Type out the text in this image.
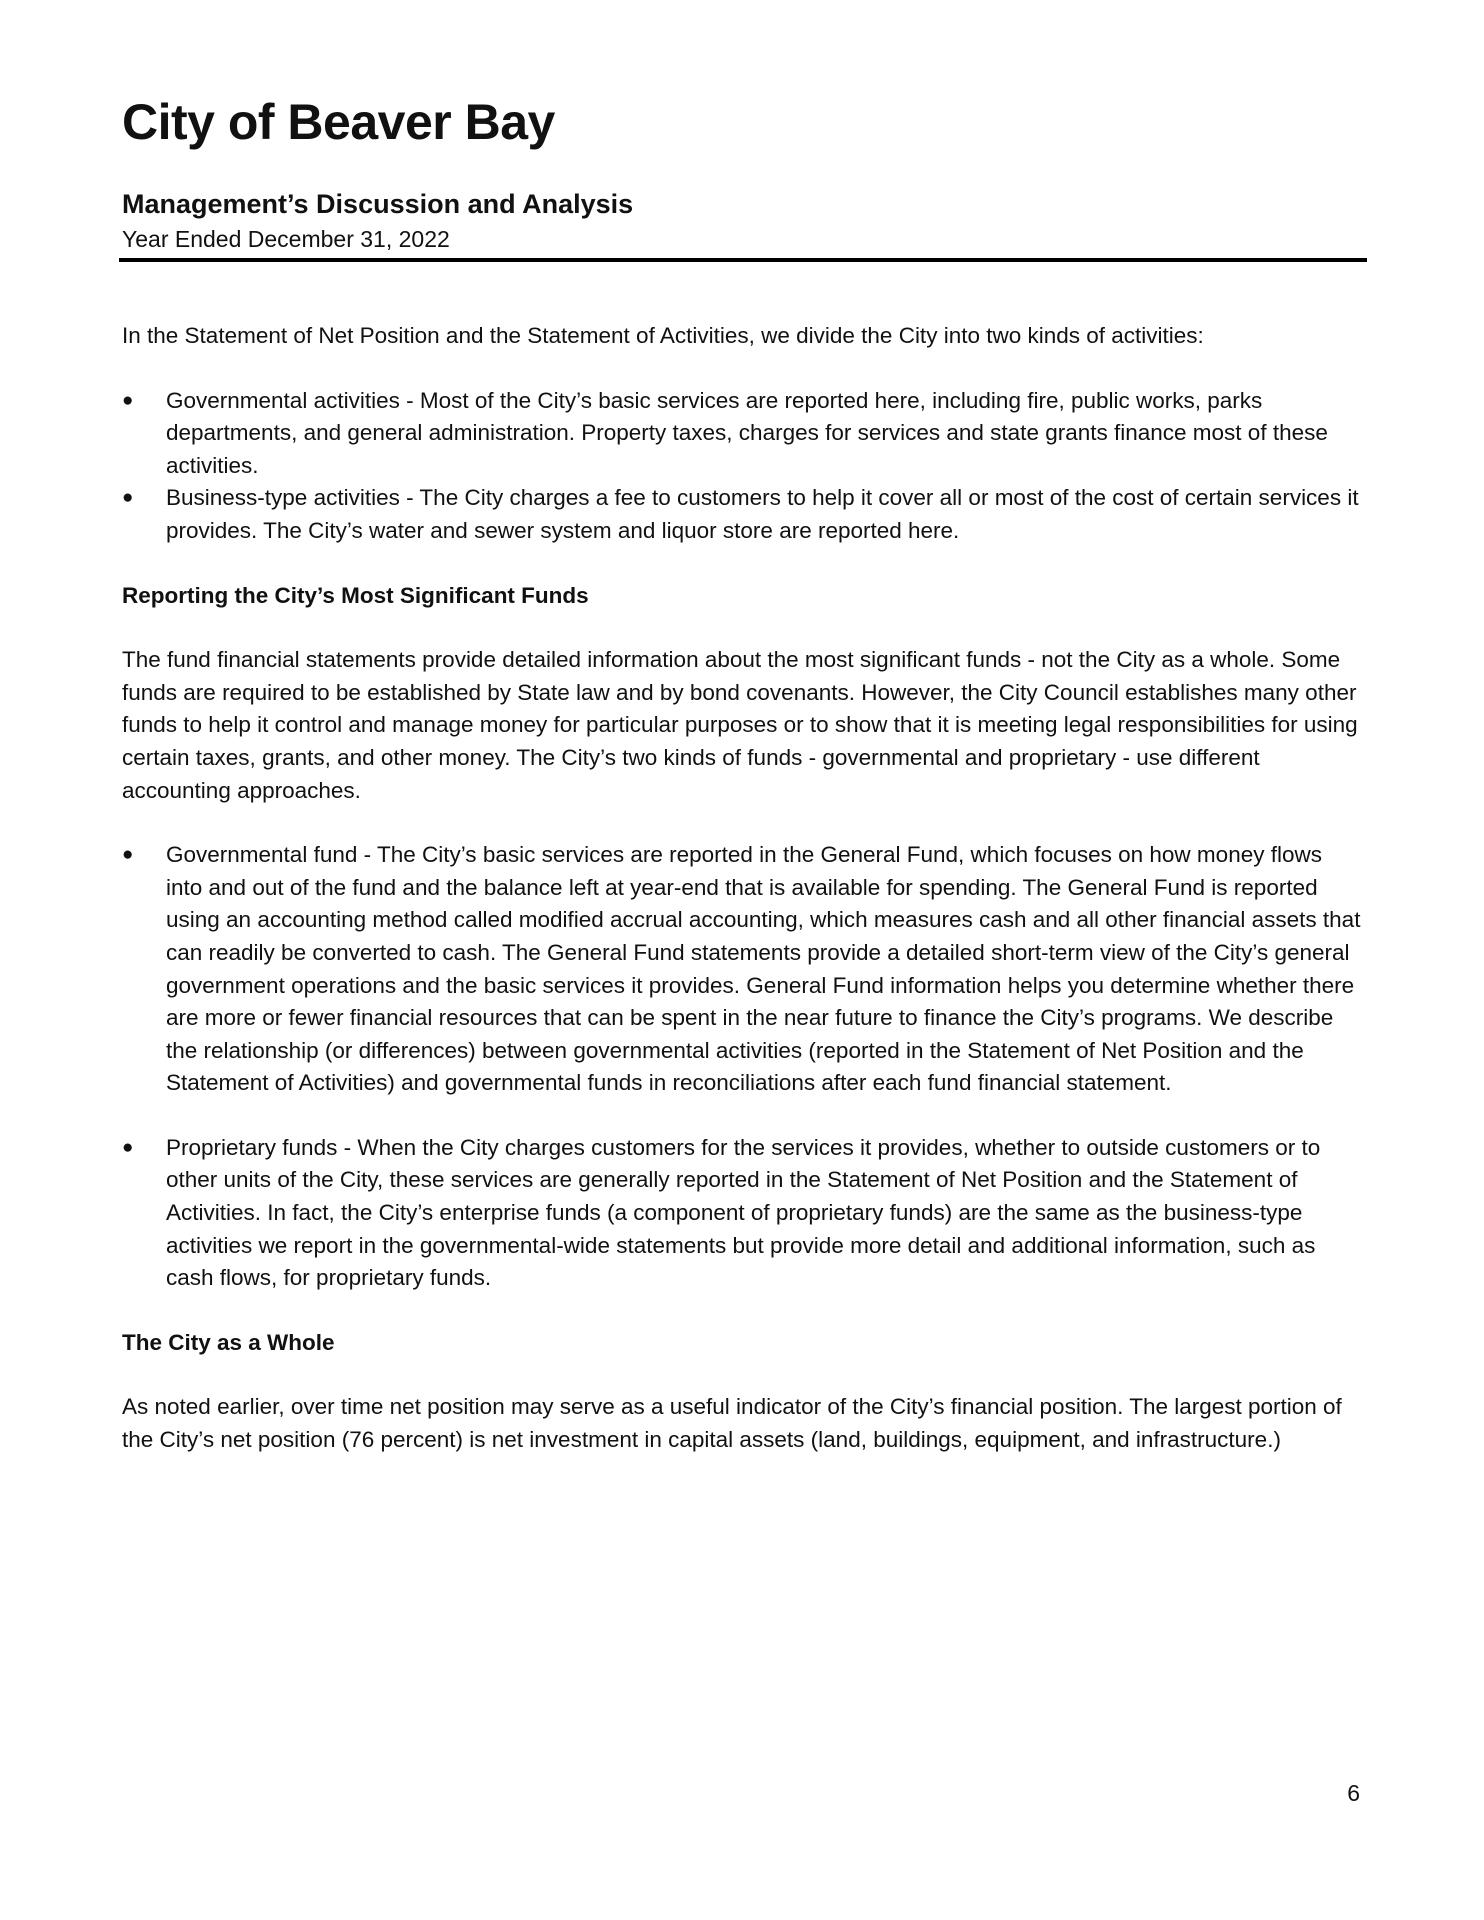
City of Beaver Bay
Management’s Discussion and Analysis

Year Ended December 31, 2022

In the Statement of Net Position and the Statement of Activities, we divide the City into two kinds of activities:

● Governmental activities - Most of the City’s basic services are reported here, including fire, public works, parks departments, and general administration. Property taxes, charges for services and state grants finance most of these activities.
● Business-type activities - The City charges a fee to customers to help it cover all or most of the cost of certain services it provides. The City’s water and sewer system and liquor store are reported here.

Reporting the City’s Most Significant Funds

The fund financial statements provide detailed information about the most significant funds - not the City as a whole. Some funds are required to be established by State law and by bond covenants. However, the City Council establishes many other funds to help it control and manage money for particular purposes or to show that it is meeting legal responsibilities for using certain taxes, grants, and other money. The City’s two kinds of funds - governmental and proprietary - use different accounting approaches.

● Governmental fund - The City’s basic services are reported in the General Fund, which focuses on how money flows into and out of the fund and the balance left at year-end that is available for spending. The General Fund is reported using an accounting method called modified accrual accounting, which measures cash and all other financial assets that can readily be converted to cash. The General Fund statements provide a detailed short-term view of the City’s general government operations and the basic services it provides. General Fund information helps you determine whether there are more or fewer financial resources that can be spent in the near future to finance the City’s programs. We describe the relationship (or differences) between governmental activities (reported in the Statement of Net Position and the Statement of Activities) and governmental funds in reconciliations after each fund financial statement.
● Proprietary funds - When the City charges customers for the services it provides, whether to outside customers or to other units of the City, these services are generally reported in the Statement of Net Position and the Statement of Activities. In fact, the City’s enterprise funds (a component of proprietary funds) are the same as the business-type activities we report in the governmental-wide statements but provide more detail and additional information, such as cash flows, for proprietary funds.

The City as a Whole

As noted earlier, over time net position may serve as a useful indicator of the City’s financial position. The largest portion of the City’s net position (76 percent) is net investment in capital assets (land, buildings, equipment, and infrastructure.)

6
